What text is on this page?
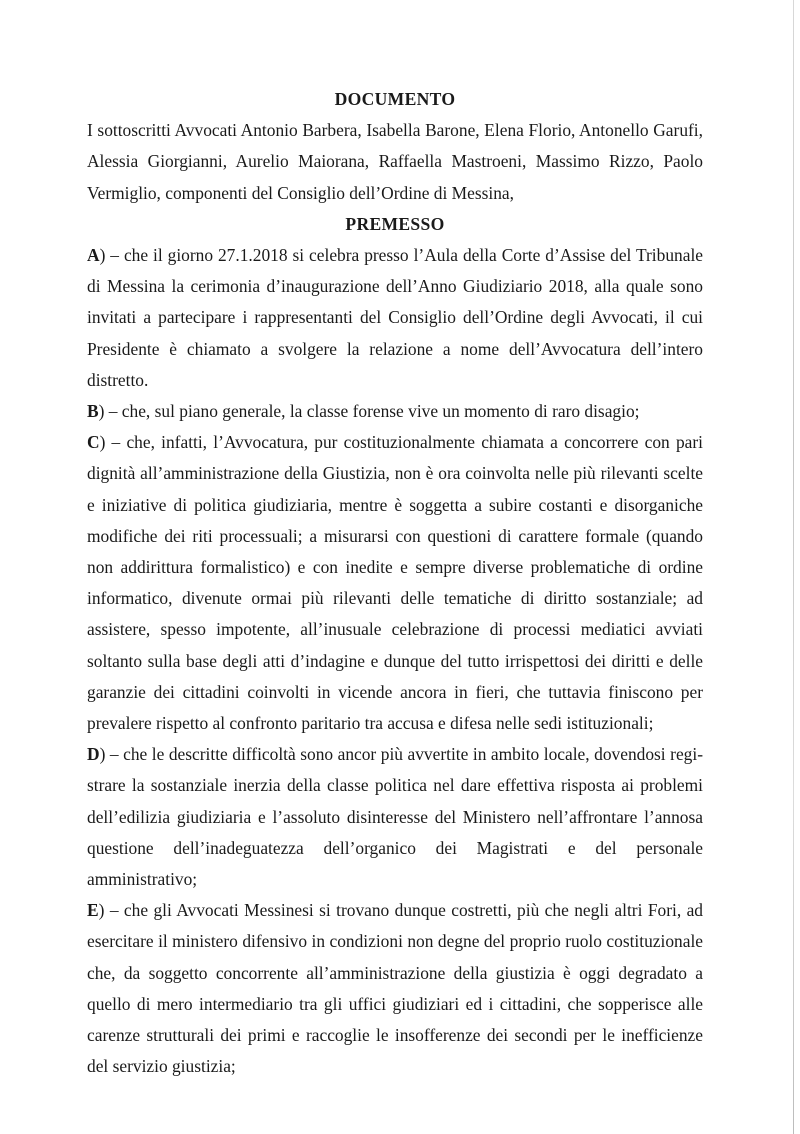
DOCUMENTO

I sottoscritti Avvocati Antonio Barbera, Isabella Barone, Elena Florio, Antonello Garufi, Alessia Giorgianni, Aurelio Maiorana, Raffaella Mastroeni, Massimo Rizzo, Paolo Vermiglio, componenti del Consiglio dell’Ordine di Messina,

PREMESSO

A) – che il giorno 27.1.2018 si celebra presso l’Aula della Corte d’Assise del Tribunale di Messina la cerimonia d’inaugurazione dell’Anno Giudiziario 2018, alla quale sono invitati a partecipare i rappresentanti del Consiglio dell’Ordine degli Avvocati, il cui Presidente è chiamato a svolgere la relazione a nome dell’Avvocatura dell’intero distretto.

B) – che, sul piano generale, la classe forense vive un momento di raro disagio;

C) – che, infatti, l’Avvocatura, pur costituzionalmente chiamata a concorrere con pari dignità all’amministrazione della Giustizia, non è ora coinvolta nelle più rilevanti scelte e iniziative di politica giudiziaria, mentre è soggetta a subire costanti e disorganiche modifiche dei riti processuali; a misurarsi con questioni di carattere formale (quando non addirittura formalistico) e con inedite e sempre diverse problematiche di ordine informatico, divenute ormai più rilevanti delle tematiche di diritto sostanziale; ad assistere, spesso impotente, all’inusuale celebrazione di processi mediatici avviati soltanto sulla base degli atti d’indagine e dunque del tutto irrispettosi dei diritti e delle garanzie dei cittadini coinvolti in vicende ancora in fieri, che tuttavia finiscono per prevalere rispetto al confronto paritario tra accusa e difesa nelle sedi istituzionali;

D) – che le descritte difficoltà sono ancor più avvertite in ambito locale, dovendosi registrare la sostanziale inerzia della classe politica nel dare effettiva risposta ai problemi dell’edilizia giudiziaria e l’assoluto disinteresse del Ministero nell’affrontare l’annosa questione dell’inadeguatezza dell’organico dei Magistrati e del personale amministrativo;

E) – che gli Avvocati Messinesi si trovano dunque costretti, più che negli altri Fori, ad esercitare il ministero difensivo in condizioni non degne del proprio ruolo costituzionale che, da soggetto concorrente all’amministrazione della giustizia è oggi degradato a quello di mero intermediario tra gli uffici giudiziari ed i cittadini, che sopperisce alle carenze strutturali dei primi e raccoglie le insofferenze dei secondi per le inefficienze del servizio giustizia;
